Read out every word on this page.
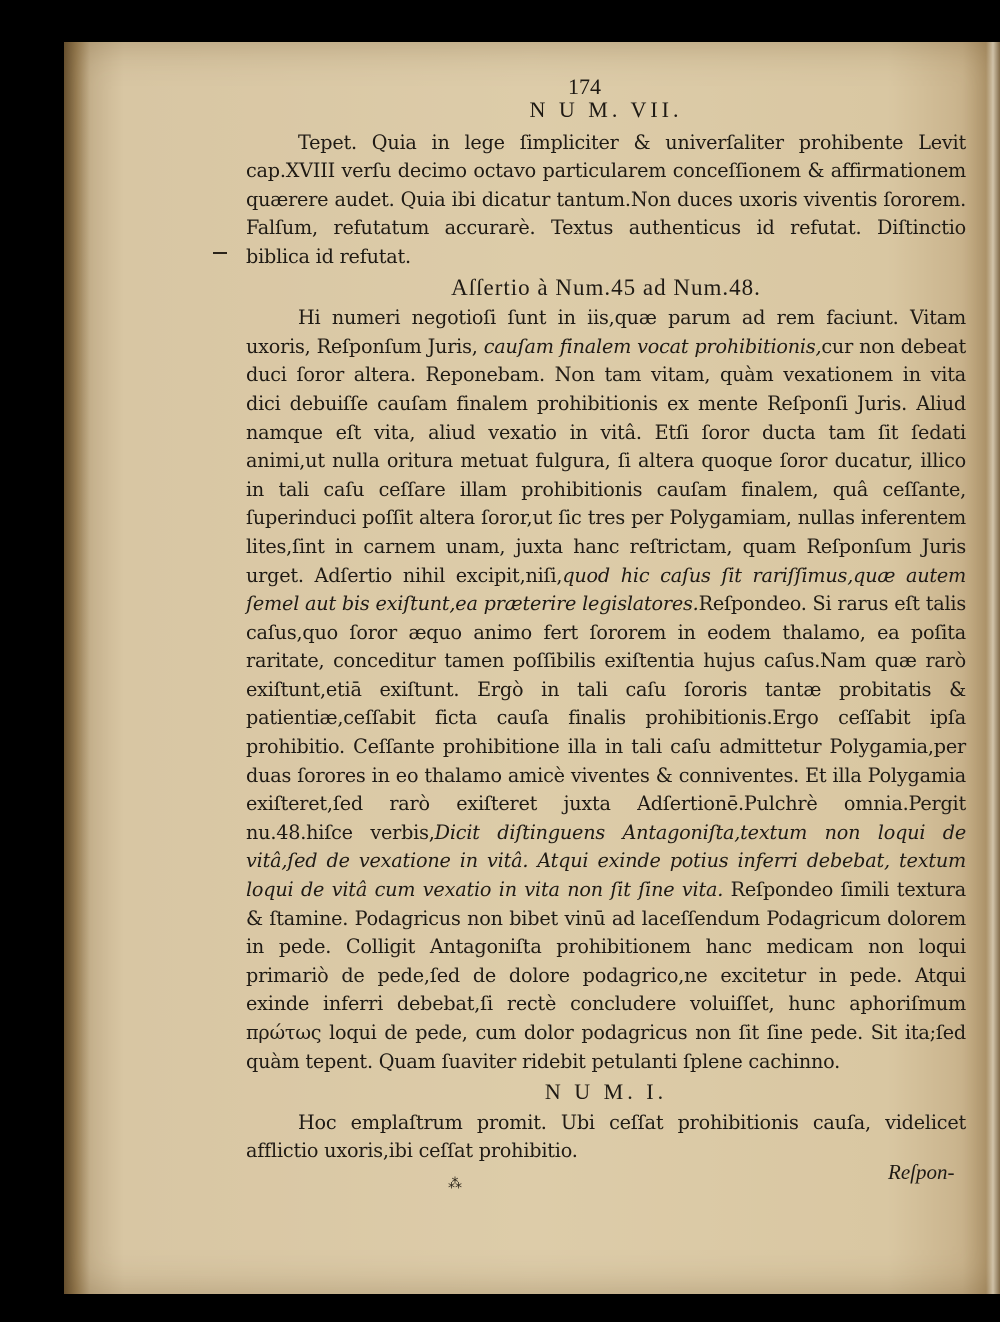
174

N U M. VII.

Tepet. Quia in lege ſimpliciter & univerſaliter prohibente Levit cap.XVIII verſu decimo octavo particularem conceſſionem & affirmationem quærere audet. Quia ibi dicatur tantum.Non duces uxoris viventis ſororem. Falſum, refutatum accurarè. Textus authenticus id refutat. Diſtinctio biblica id refutat.

Aſſertio à Num.45 ad Num.48.

Hi numeri negotioſi ſunt in iis,quæ parum ad rem faciunt. Vitam uxoris, Reſponſum Juris, cauſam finalem vocat prohibitionis,cur non debeat duci ſoror altera. Reponebam. Non tam vitam, quàm vexationem in vita dici debuiſſe cauſam finalem prohibitionis ex mente Reſponſi Juris. Aliud namque eſt vita, aliud vexatio in vitâ. Etſi ſoror ducta tam ſit ſedati animi,ut nulla oritura metuat fulgura, ſi altera quoque ſoror ducatur, illico in tali caſu ceſſare illam prohibitionis cauſam finalem, quâ ceſſante, ſuperinduci poſſit altera ſoror,ut ſic tres per Polygamiam, nullas inferentem lites,ſint in carnem unam, juxta hanc reſtrictam, quam Reſponſum Juris urget. Adſertio nihil excipit,niſi,quod hic caſus ſit rariſſimus,quæ autem ſemel aut bis exiſtunt,ea præterire legislatores.Reſpondeo. Si rarus eſt talis caſus,quo ſoror æquo animo fert ſororem in eodem thalamo, ea poſita raritate, conceditur tamen poſſibilis exiſtentia hujus caſus.Nam quæ rarò exiſtunt,etiā exiſtunt. Ergò in tali caſu ſororis tantæ probitatis & patientiæ,ceſſabit ficta cauſa finalis prohibitionis.Ergo ceſſabit ipſa prohibitio. Ceſſante prohibitione illa in tali caſu admittetur Polygamia,per duas ſorores in eo thalamo amicè viventes & conniventes. Et illa Polygamia exiſteret,ſed rarò exiſteret juxta Adſertionē.Pulchrè omnia.Pergit nu.48.hiſce verbis,Dicit diſtinguens Antagoniſta,textum non loqui de vitâ,ſed de vexatione in vitâ. Atqui exinde potius inferri debebat, textum loqui de vitâ cum vexatio in vita non ſit ſine vita. Reſpondeo ſimili textura & ſtamine. Podagricus non bibet vinū ad laceſſendum Podagricum dolorem in pede. Colligit Antagoniſta prohibitionem hanc medicam non loqui primariò de pede,ſed de dolore podagrico,ne excitetur in pede. Atqui exinde inferri debebat,ſi rectè concludere voluiſſet, hunc aphoriſmum πρώτως loqui de pede, cum dolor podagricus non ſit ſine pede. Sit ita;ſed quàm tepent. Quam ſuaviter ridebit petulanti ſplene cachinno.

N U M. I.

Hoc emplaſtrum promit. Ubi ceſſat prohibitionis cauſa, videlicet afflictio uxoris,ibi ceſſat prohibitio.

⁂	Reſpon-
